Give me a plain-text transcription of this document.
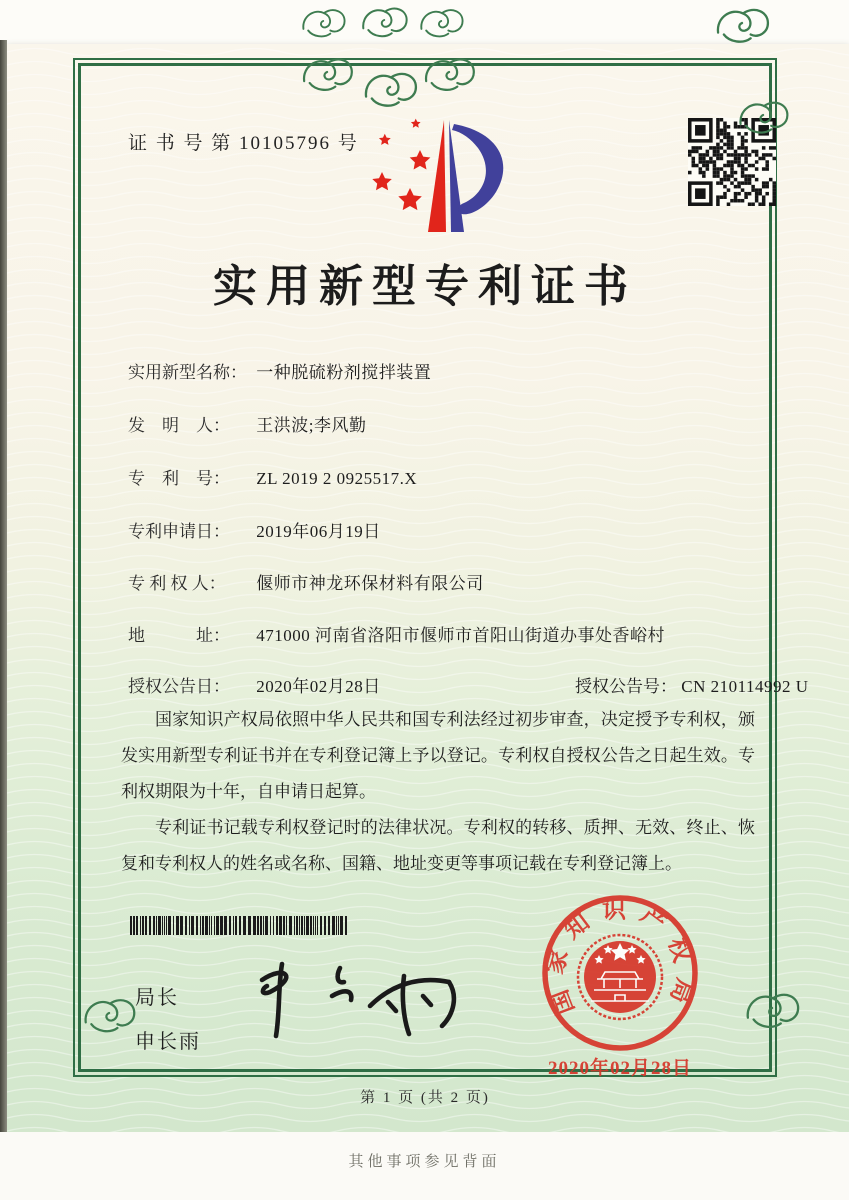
证 书 号 第 10105796 号
实用新型专利证书
实用新型名称： 一种脱硫粉剂搅拌装置
发　明　人： 王洪波;李风勤
专　利　号： ZL 2019 2 0925517.X
专利申请日： 2019年06月19日
专 利 权 人： 偃师市神龙环保材料有限公司
地　　　址： 471000 河南省洛阳市偃师市首阳山街道办事处香峪村
授权公告日： 2020年02月28日	授权公告号： CN 210114992 U

国家知识产权局依照中华人民共和国专利法经过初步审查，决定授予专利权，颁发实用新型专利证书并在专利登记簿上予以登记。专利权自授权公告之日起生效。专利权期限为十年，自申请日起算。

专利证书记载专利权登记时的法律状况。专利权的转移、质押、无效、终止、恢复和专利权人的姓名或名称、国籍、地址变更等事项记载在专利登记簿上。

局长
申长雨
国家知识产权局
2020年02月28日
第 1 页 (共 2 页)
其他事项参见背面
